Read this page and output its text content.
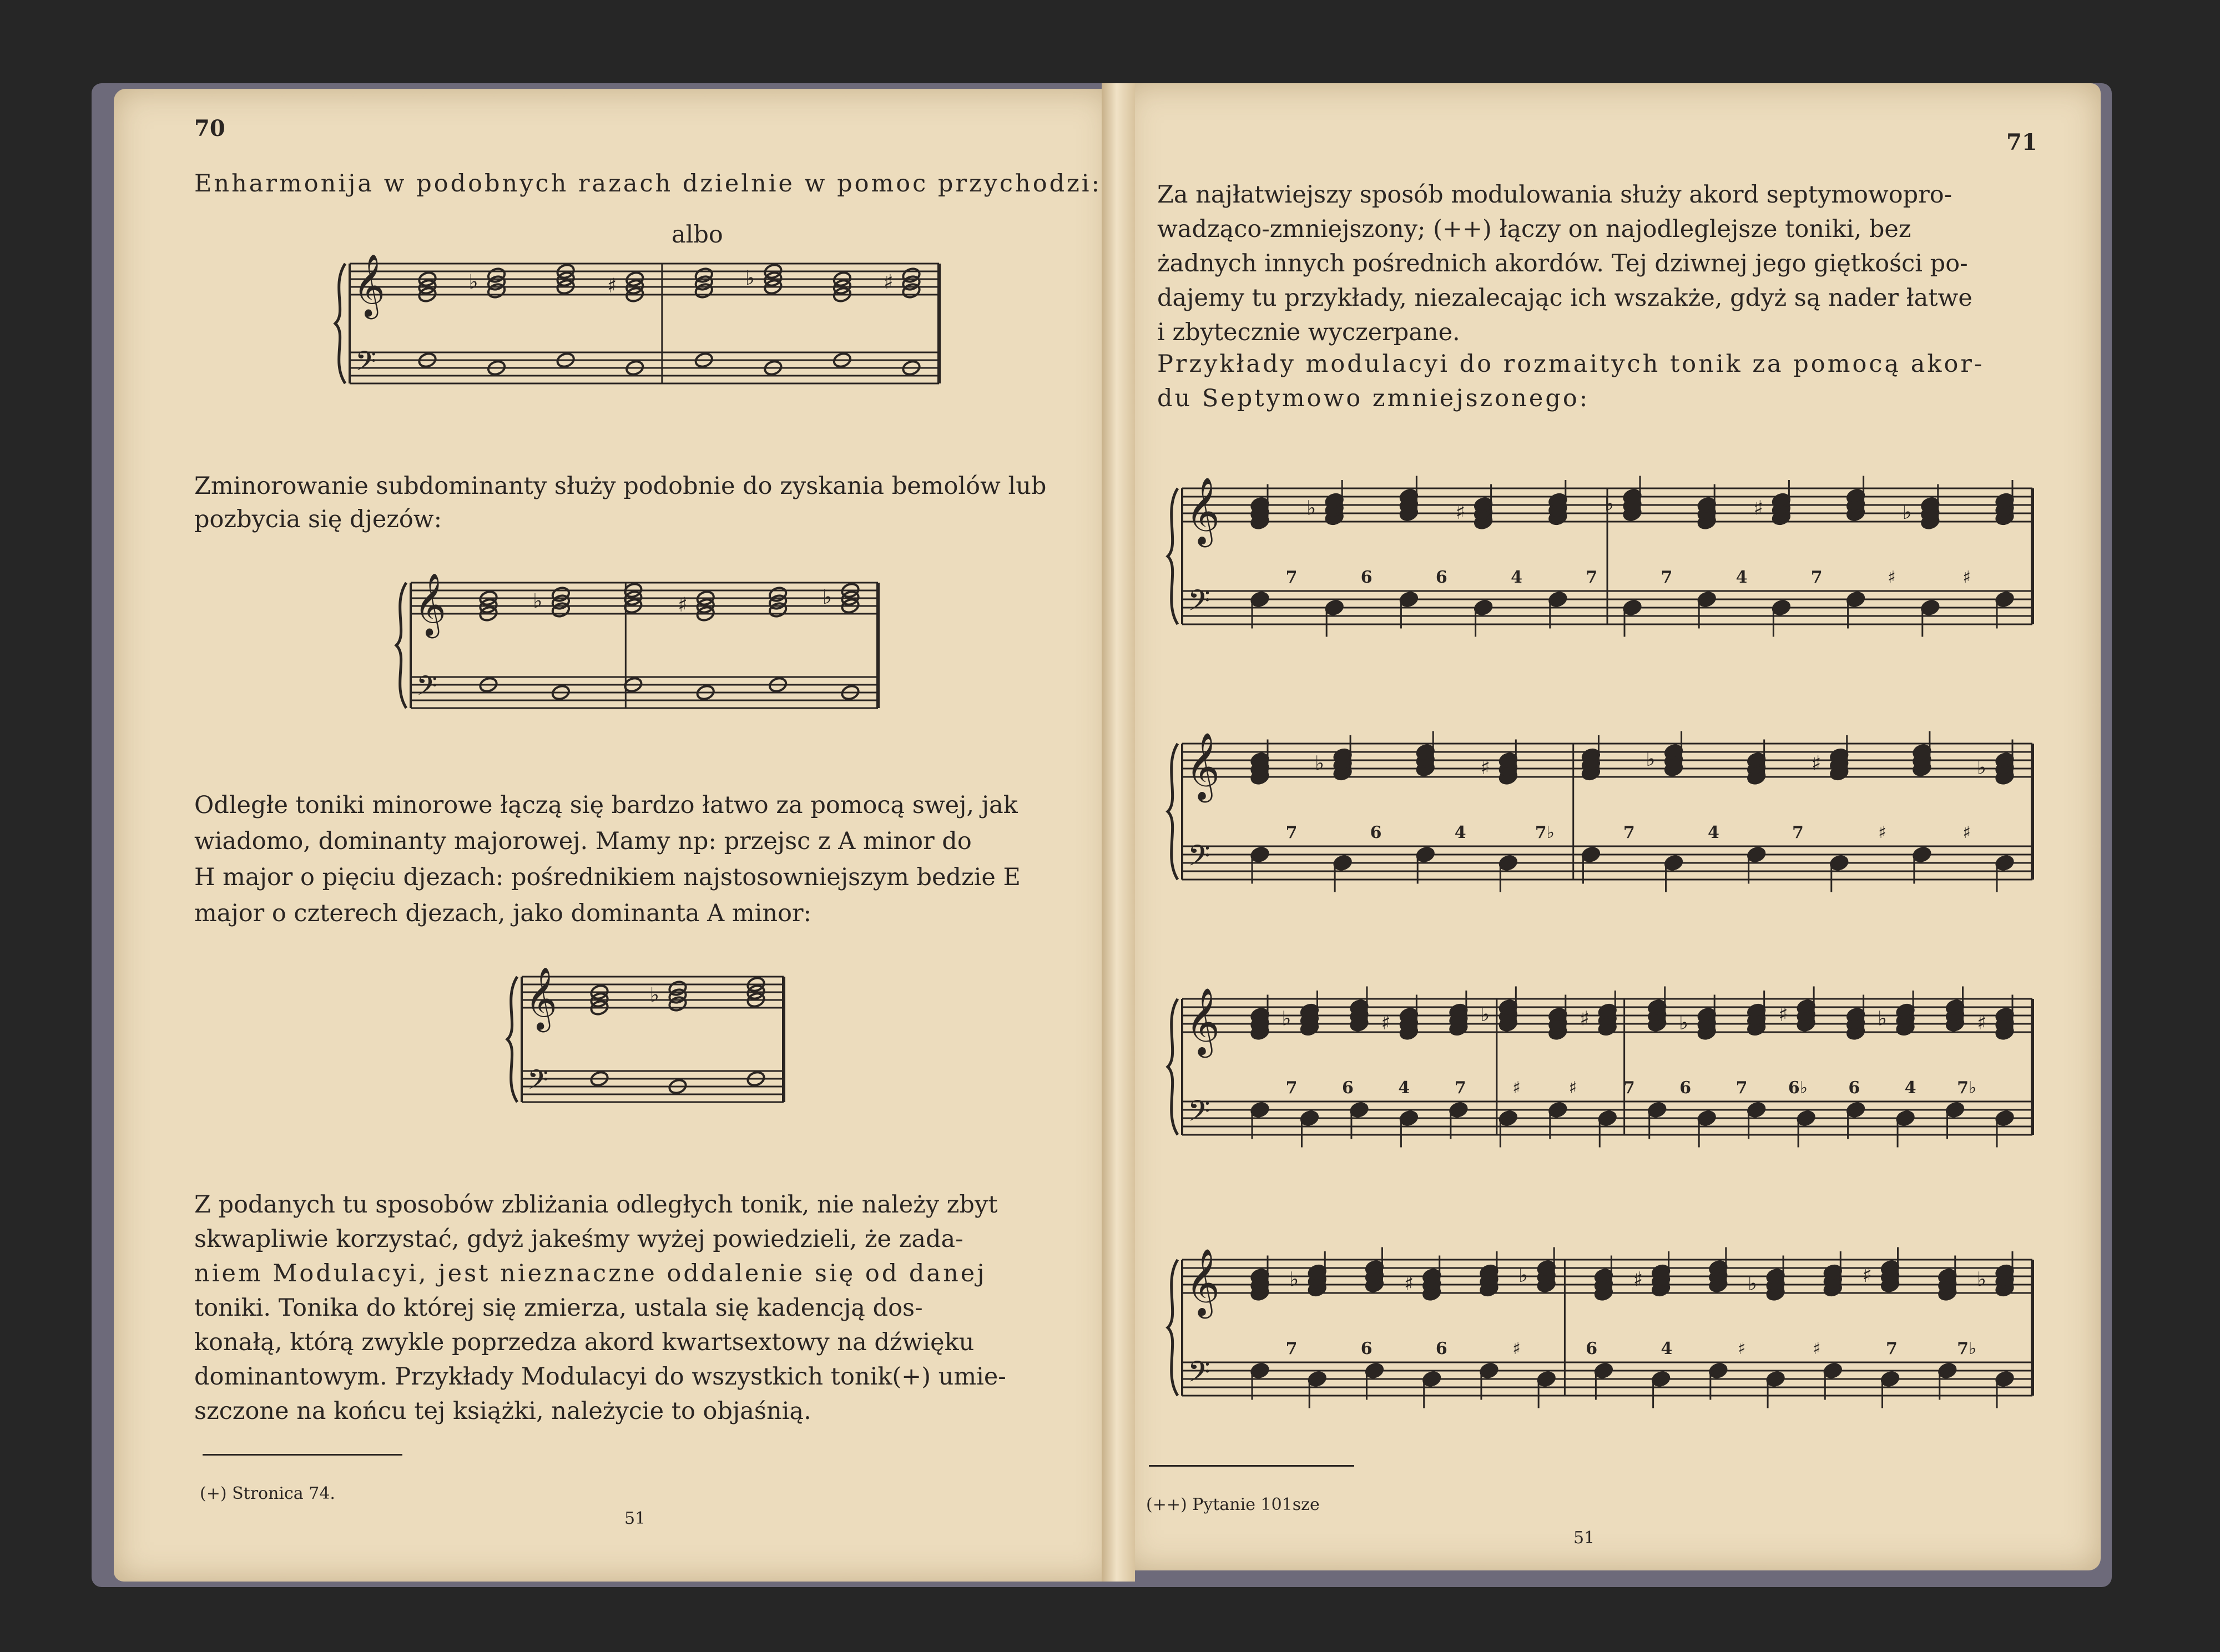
70
Enharmonija w podobnych razach dzielnie w pomoc przychodzi:
albo
Zminorowanie subdominanty służy podobnie do zyskania bemolów lub
pozbycia się djezów:
Odległe toniki minorowe łączą się bardzo łatwo za pomocą swej, jak
wiadomo, dominanty majorowej. Mamy np: przejsc z A minor do
H major o pięciu djezach: pośrednikiem najstosowniejszym bedzie E
major o czterech djezach, jako dominanta A minor:
Z podanych tu sposobów zbliżania odległych tonik, nie należy zbyt
skwapliwie korzystać, gdyż jakeśmy wyżej powiedzieli, że zada-
niem Modulacyi, jest nieznaczne oddalenie się od danej
toniki. Tonika do której się zmierza, ustala się kadencją dos-
konałą, którą zwykle poprzedza akord kwartsextowy na dźwięku
dominantowym. Przykłady Modulacyi do wszystkich tonik(+) umie-
szczone na końcu tej książki, należycie to objaśnią.
(+) Stronica 74.
51
71
Za najłatwiejszy sposób modulowania służy akord septymowopro-
wadząco-zmniejszony; (++) łączy on najodleglejsze toniki, bez
żadnych innych pośrednich akordów. Tej dziwnej jego giętkości po-
dajemy tu przykłady, niezalecając ich wszakże, gdyż są nader łatwe
i zbytecznie wyczerpane.
Przykłady modulacyi do rozmaitych tonik za pomocą akor-
du Septymowo zmniejszonego:
(++) Pytanie 101sze
51
𝄞
𝄢
♭	♯	♭	♯
𝄞
𝄢
♭	♯	♭
𝄞
𝄢
♭
𝄞
𝄢
♭	♯	♭	♯	♭
7	6	6	4	7	7	4	7	♯	♯
𝄞
𝄢
♭	♯	♭	♯	♭
7	6	4	7♭	7	4	7	♯	♯
𝄞
𝄢
♭	♯	♭	♯	♭	♯	♭	♯
7	6	4	7	♯	♯	7	6	7 6♭ 6	4 7♭
𝄞
𝄢
♭	♯	♭	♯	♭	♯	♭
7	6	6	♯	6	4	♯	♯	7	7♭
